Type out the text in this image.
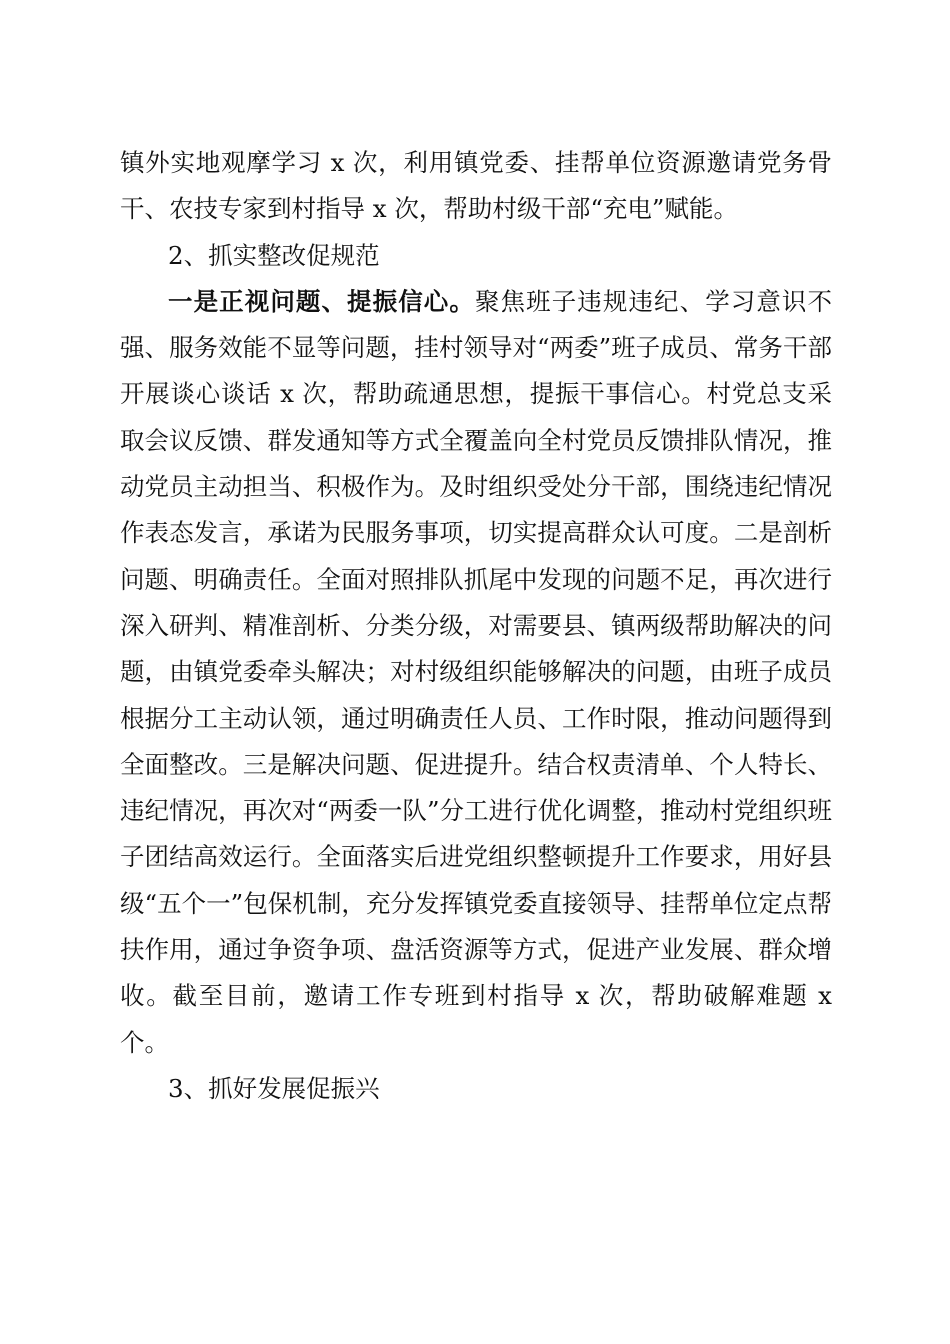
镇外实地观摩学习 x 次，利用镇党委、挂帮单位资源邀请党务骨干、农技专家到村指导 x 次，帮助村级干部“充电”赋能。

2、抓实整改促规范

一是正视问题、提振信心。聚焦班子违规违纪、学习意识不强、服务效能不显等问题，挂村领导对“两委”班子成员、常务干部开展谈心谈话 x 次，帮助疏通思想，提振干事信心。村党总支采取会议反馈、群发通知等方式全覆盖向全村党员反馈排队情况，推动党员主动担当、积极作为。及时组织受处分干部，围绕违纪情况作表态发言，承诺为民服务事项，切实提高群众认可度。二是剖析问题、明确责任。全面对照排队抓尾中发现的问题不足，再次进行深入研判、精准剖析、分类分级，对需要县、镇两级帮助解决的问题，由镇党委牵头解决；对村级组织能够解决的问题，由班子成员根据分工主动认领，通过明确责任人员、工作时限，推动问题得到全面整改。三是解决问题、促进提升。结合权责清单、个人特长、违纪情况，再次对“两委一队”分工进行优化调整，推动村党组织班子团结高效运行。全面落实后进党组织整顿提升工作要求，用好县级“五个一”包保机制，充分发挥镇党委直接领导、挂帮单位定点帮扶作用，通过争资争项、盘活资源等方式，促进产业发展、群众增收。截至目前，邀请工作专班到村指导 x 次，帮助破解难题 x 个。

3、抓好发展促振兴
